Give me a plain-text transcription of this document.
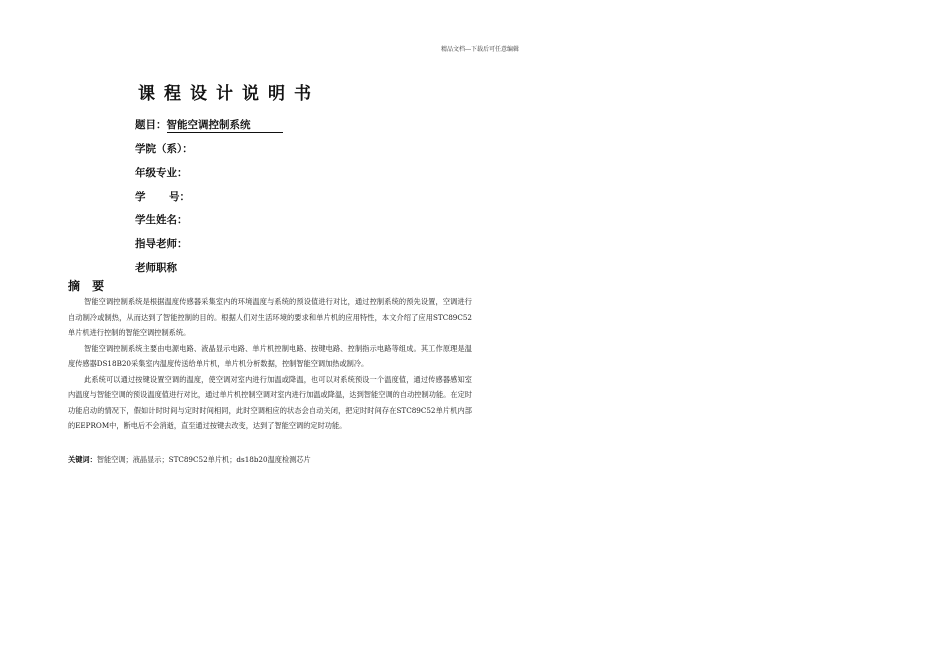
精品文档---下载后可任意编辑
课程设计说明书
题目：智能空调控制系统
学院（系）：
年级专业：
学 号：
学生姓名：
指导老师：
老师职称
摘 要

智能空调控制系统是根据温度传感器采集室内的环境温度与系统的预设值进行对比，通过控制系统的预先设置，空调进行自动制冷或制热，从而达到了智能控制的目的。根据人们对生活环境的要求和单片机的应用特性，本文介绍了应用STC89C52单片机进行控制的智能空调控制系统。

智能空调控制系统主要由电源电路、液晶显示电路、单片机控制电路、按键电路、控制指示电路等组成。其工作原理是温度传感器DS18B20采集室内温度传送给单片机，单片机分析数据，控制智能空调加热或制冷。

此系统可以通过按键设置空调的温度，使空调对室内进行加温或降温，也可以对系统预设一个温度值，通过传感器感知室内温度与智能空调的预设温度值进行对比，通过单片机控制空调对室内进行加温或降温，达到智能空调的自动控制功能。在定时功能启动的情况下，假如计时时间与定时时间相同，此时空调相应的状态会自动关闭，把定时时间存在STC89C52单片机内部的EEPROM中，断电后不会消逝，直至通过按键去改变，达到了智能空调的定时功能。

关键词：智能空调；液晶显示；STC89C52单片机；ds18b20温度检测芯片
